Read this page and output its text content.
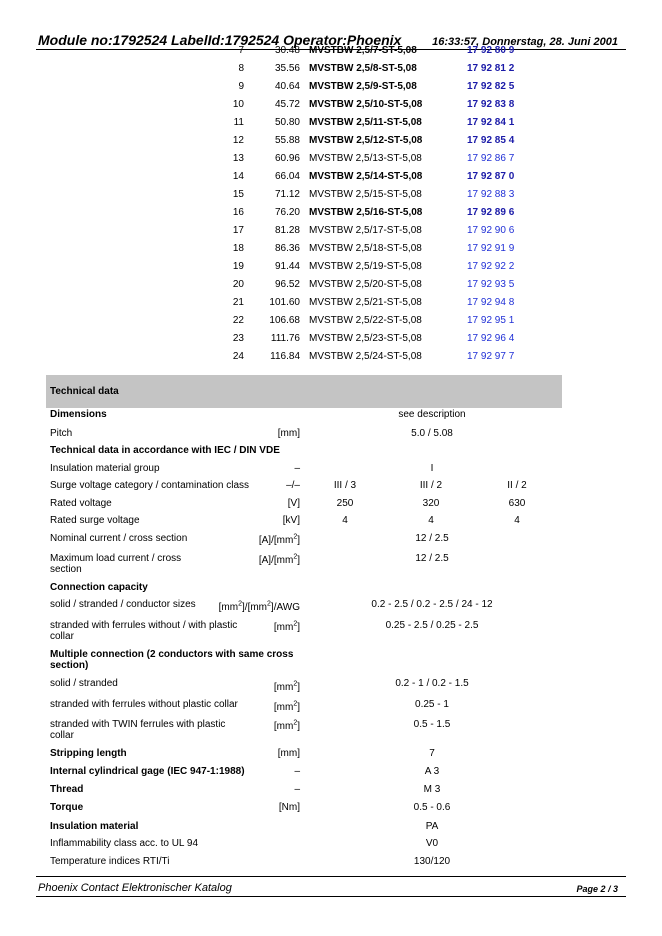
Module no:1792524 LabelId:1792524 Operator:Phoenix	16:33:57, Donnerstag, 28. Juni 2001
7	30.48 MVSTBW 2,5/7-ST-5,08	17 92 80 9
8	35.56 MVSTBW 2,5/8-ST-5,08	17 92 81 2
9	40.64 MVSTBW 2,5/9-ST-5,08	17 92 82 5
10	45.72 MVSTBW 2,5/10-ST-5,08	17 92 83 8
11	50.80 MVSTBW 2,5/11-ST-5,08	17 92 84 1
12	55.88 MVSTBW 2,5/12-ST-5,08	17 92 85 4
13	60.96 MVSTBW 2,5/13-ST-5,08	17 92 86 7
14	66.04 MVSTBW 2,5/14-ST-5,08	17 92 87 0
15	71.12 MVSTBW 2,5/15-ST-5,08	17 92 88 3
16	76.20 MVSTBW 2,5/16-ST-5,08	17 92 89 6
17	81.28 MVSTBW 2,5/17-ST-5,08	17 92 90 6
18	86.36 MVSTBW 2,5/18-ST-5,08	17 92 91 9
19	91.44 MVSTBW 2,5/19-ST-5,08	17 92 92 2
20	96.52 MVSTBW 2,5/20-ST-5,08	17 92 93 5
21	101.60 MVSTBW 2,5/21-ST-5,08	17 92 94 8
22	106.68 MVSTBW 2,5/22-ST-5,08	17 92 95 1
23	111.76 MVSTBW 2,5/23-ST-5,08	17 92 96 4
24	116.84 MVSTBW 2,5/24-ST-5,08	17 92 97 7
Technical data
Dimensions	see description
Pitch	[mm]	5.0 / 5.08
Technical data in accordance with IEC / DIN VDE
Insulation material group	–	I
Surge voltage category / contamination class	–/–	III / 3	III / 2	II / 2
Rated voltage	[V]	250	320	630
Rated surge voltage	[kV]	4	4	4
Nominal current / cross section	$[A]/[mm^2]$	12 / 2.5
Maximum load current / cross section
$[A]/[mm^2]$	12 / 2.5
Connection capacity
solid / stranded / conductor sizes	$[mm^2]/[mm^2]$/AWG	0.2 - 2.5 / 0.2 - 2.5 / 24 - 12
stranded with ferrules without / with plastic collar
$[mm^2]$	0.25 - 2.5 / 0.25 - 2.5
Multiple connection (2 conductors with same cross section)
solid / stranded	$[mm^2]$	0.2 - 1 / 0.2 - 1.5
stranded with ferrules without plastic collar	$[mm^2]$	0.25 - 1
stranded with TWIN ferrules with plastic collar
$[mm^2]$	0.5 - 1.5
Stripping length	[mm]	7
Internal cylindrical gage (IEC 947-1:1988)	–	A 3
Thread	–	M 3
Torque	[Nm]	0.5 - 0.6
Insulation material	PA
Inflammability class acc. to UL 94	V0
Temperature indices RTI/Ti	130/120
Phoenix Contact Elektronischer Katalog	Page 2 / 3
